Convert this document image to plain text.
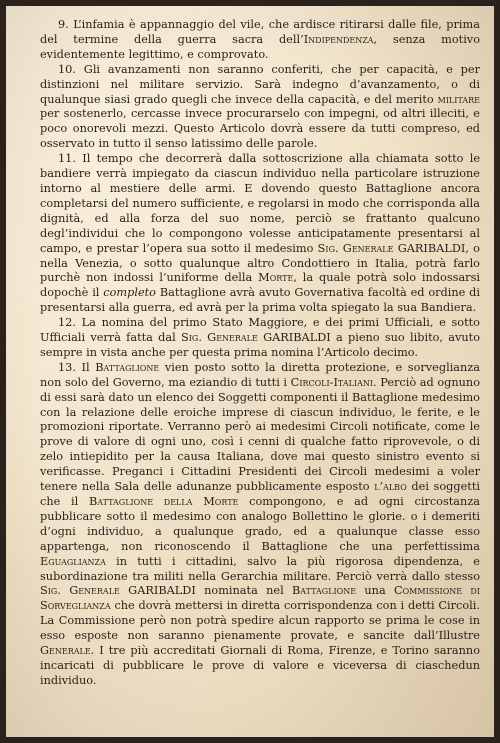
9. L’infamia è appannaggio del vile, che ardisce ritirarsi dalle file, prima del termine della guerra sacra dell’Indipendenza, senza motivo evidentemente legittimo, e comprovato.

10. Gli avanzamenti non saranno conferiti, che per capacità, e per distinzioni nel militare servizio. Sarà indegno d’avanzamento, o di qualunque siasi grado quegli che invece della capacità, e del merito militare per sostenerlo, cercasse invece procurarselo con impegni, od altri illeciti, e poco onorevoli mezzi. Questo Articolo dovrà essere da tutti compreso, ed osservato in tutto il senso latissimo delle parole.

11. Il tempo che decorrerà dalla sottoscrizione alla chiamata sotto le bandiere verrà impiegato da ciascun individuo nella particolare istruzione intorno al mestiere delle armi. E dovendo questo Battaglione ancora completarsi del numero sufficiente, e regolarsi in modo che corrisponda alla dignità, ed alla forza del suo nome, perciò se frattanto qualcuno degl’individui che lo compongono volesse anticipatamente presentarsi al campo, e prestar l’opera sua sotto il medesimo Sig. Generale GARIBALDI, o nella Venezia, o sotto qualunque altro Condottiero in Italia, potrà farlo purchè non indossi l’uniforme della Morte, la quale potrà solo indossarsi dopochè il completo Battaglione avrà avuto Governativa facoltà ed ordine di presentarsi alla guerra, ed avrà per la prima volta spiegato la sua Bandiera.

12. La nomina del primo Stato Maggiore, e dei primi Ufficiali, e sotto Ufficiali verrà fatta dal Sig. Generale GARIBALDI a pieno suo libito, avuto sempre in vista anche per questa prima nomina l’Articolo decimo.

13. Il Battaglione vien posto sotto la diretta protezione, e sorveglianza non solo del Governo, ma eziandio di tutti i Circoli-Italiani. Perciò ad ognuno di essi sarà dato un elenco dei Soggetti componenti il Battaglione medesimo con la relazione delle eroiche imprese di ciascun individuo, le ferite, e le promozioni riportate. Verranno però ai medesimi Circoli notificate, come le prove di valore di ogni uno, così i cenni di qualche fatto riprovevole, o di zelo intiepidito per la causa Italiana, dove mai questo sinistro evento si verificasse. Preganci i Cittadini Presidenti dei Circoli medesimi a voler tenere nella Sala delle adunanze pubblicamente esposto l’albo dei soggetti che il Battaglione della Morte compongono, e ad ogni circostanza pubblicare sotto il medesimo con analogo Bollettino le glorie. o i demeriti d’ogni individuo, a qualunque grado, ed a qualunque classe esso appartenga, non riconoscendo il Battaglione che una perfettissima Eguaglianza in tutti i cittadini, salvo la più rigorosa dipendenza, e subordinazione tra militi nella Gerarchia militare. Perciò verrà dallo stesso Sig. Generale GARIBALDI nominata nel Battaglione una Commissione di Sorveglianza che dovrà mettersi in diretta corrispondenza con i detti Circoli. La Commissione però non potrà spedire alcun rapporto se prima le cose in esso esposte non saranno pienamente provate, e sancite dall’Illustre Generale. I tre più accreditati Giornali di Roma, Firenze, e Torino saranno incaricati di pubblicare le prove di valore e viceversa di ciaschedun individuo.
